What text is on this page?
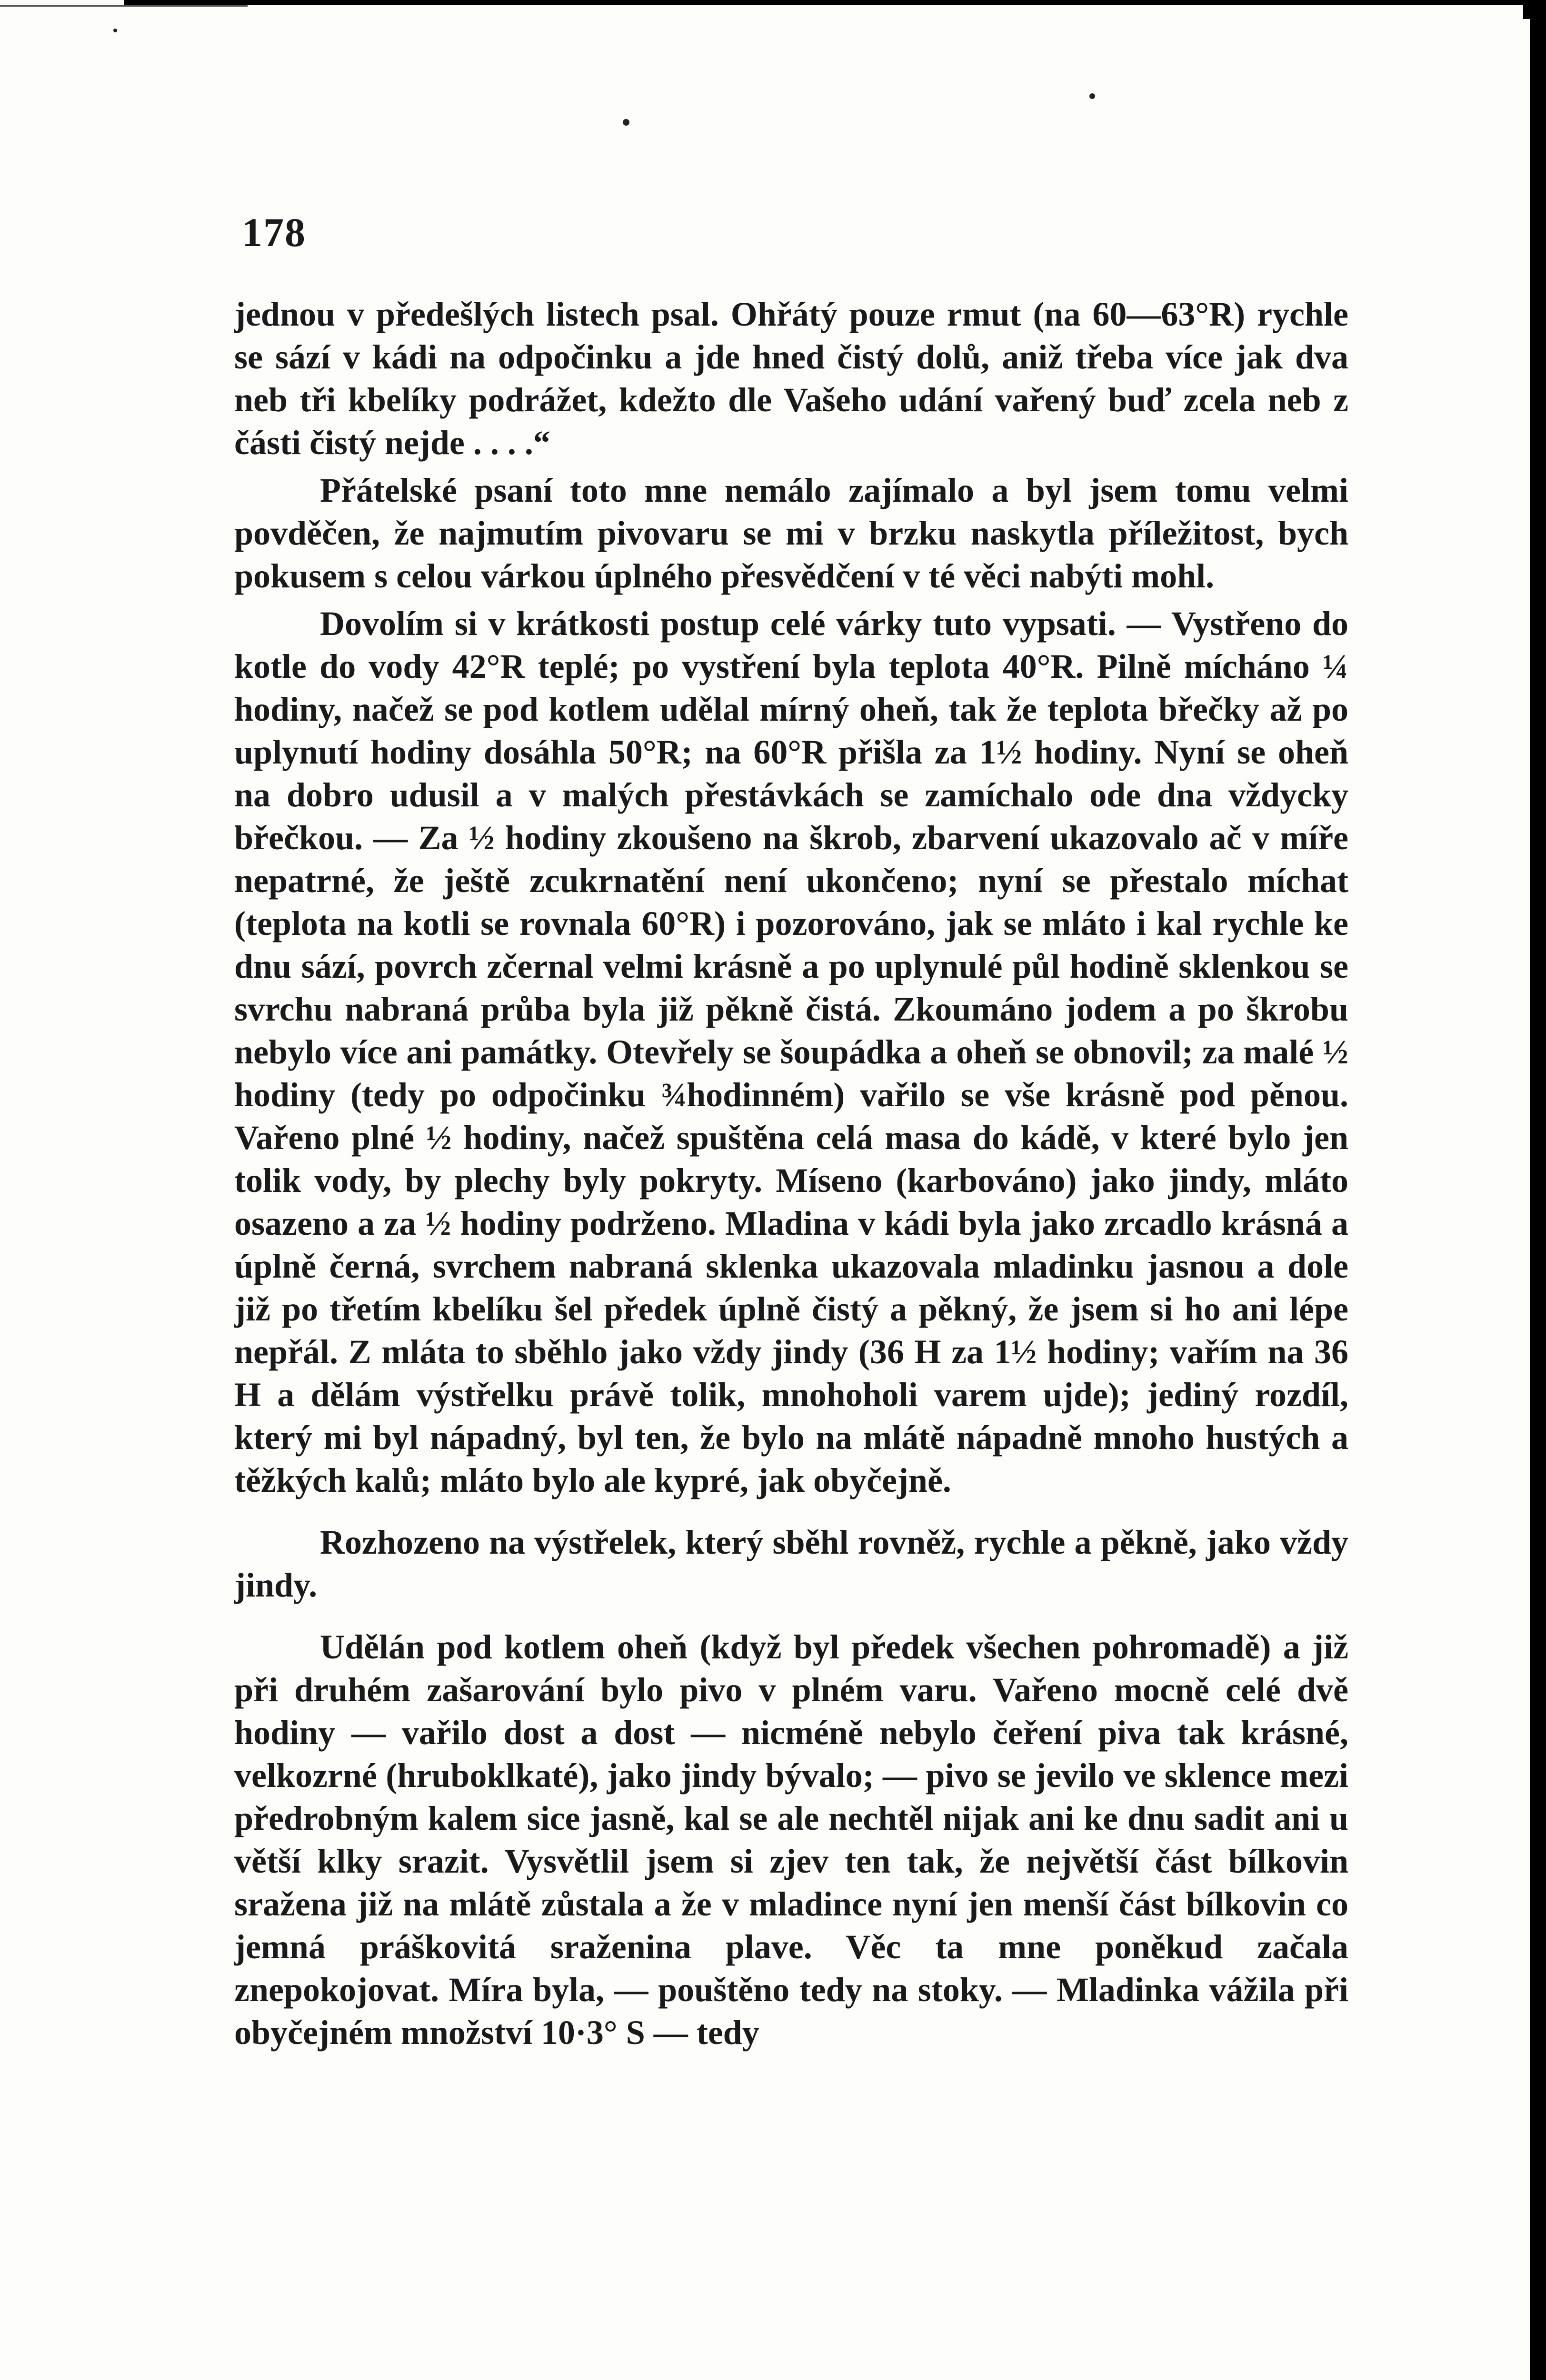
178

jednou v předešlých listech psal. Ohřátý pouze rmut (na 60—63°R) rychle se sází v kádi na odpočinku a jde hned čistý dolů, aniž třeba více jak dva neb tři kbelíky podrážet, kdežto dle Vašeho udání vařený buď zcela neb z části čistý nejde . . . .“

Přátelské psaní toto mne nemálo zajímalo a byl jsem tomu velmi povděčen, že najmutím pivovaru se mi v brzku naskytla příležitost, bych pokusem s celou várkou úplného přesvědčení v té věci nabýti mohl.

Dovolím si v krátkosti postup celé várky tuto vypsati. — Vystřeno do kotle do vody 42°R teplé; po vystření byla teplota 40°R. Pilně mícháno ¼ hodiny, načež se pod kotlem udělal mírný oheň, tak že teplota břečky až po uplynutí hodiny dosáhla 50°R; na 60°R přišla za 1½ hodiny. Nyní se oheň na dobro udusil a v malých přestávkách se zamíchalo ode dna vždycky břečkou. — Za ½ hodiny zkoušeno na škrob, zbarvení ukazovalo ač v míře nepatrné, že ještě zcukrnatění není ukončeno; nyní se přestalo míchat (teplota na kotli se rovnala 60°R) i pozorováno, jak se mláto i kal rychle ke dnu sází, povrch zčernal velmi krásně a po uplynulé půl hodině sklenkou se svrchu nabraná průba byla již pěkně čistá. Zkoumáno jodem a po škrobu nebylo více ani památky. Otevřely se šoupádka a oheň se obnovil; za malé ½ hodiny (tedy po odpočinku ¾hodinném) vařilo se vše krásně pod pěnou. Vařeno plné ½ hodiny, načež spuštěna celá masa do kádě, v které bylo jen tolik vody, by plechy byly pokryty. Míseno (karbováno) jako jindy, mláto osazeno a za ½ hodiny podrženo. Mladina v kádi byla jako zrcadlo krásná a úplně černá, svrchem nabraná sklenka ukazovala mladinku jasnou a dole již po třetím kbelíku šel předek úplně čistý a pěkný, že jsem si ho ani lépe nepřál. Z mláta to sběhlo jako vždy jindy (36 H za 1½ hodiny; vařím na 36 H a dělám výstřelku právě tolik, mnohoholi varem ujde); jediný rozdíl, který mi byl nápadný, byl ten, že bylo na mlátě nápadně mnoho hustých a těžkých kalů; mláto bylo ale kypré, jak obyčejně.

Rozhozeno na výstřelek, který sběhl rovněž, rychle a pěkně, jako vždy jindy.

Udělán pod kotlem oheň (když byl předek všechen pohromadě) a již při druhém zašarování bylo pivo v plném varu. Vařeno mocně celé dvě hodiny — vařilo dost a dost — nicméně nebylo čeření piva tak krásné, velkozrné (hruboklkaté), jako jindy bývalo; — pivo se jevilo ve sklence mezi předrobným kalem sice jasně, kal se ale nechtěl nijak ani ke dnu sadit ani u větší klky srazit. Vysvětlil jsem si zjev ten tak, že největší část bílkovin sražena již na mlátě zůstala a že v mladince nyní jen menší část bílkovin co jemná práškovitá sraženina plave. Věc ta mne poněkud začala znepokojovat. Míra byla, — pouštěno tedy na stoky. — Mladinka vážila při obyčejném množství 10·3° S — tedy
